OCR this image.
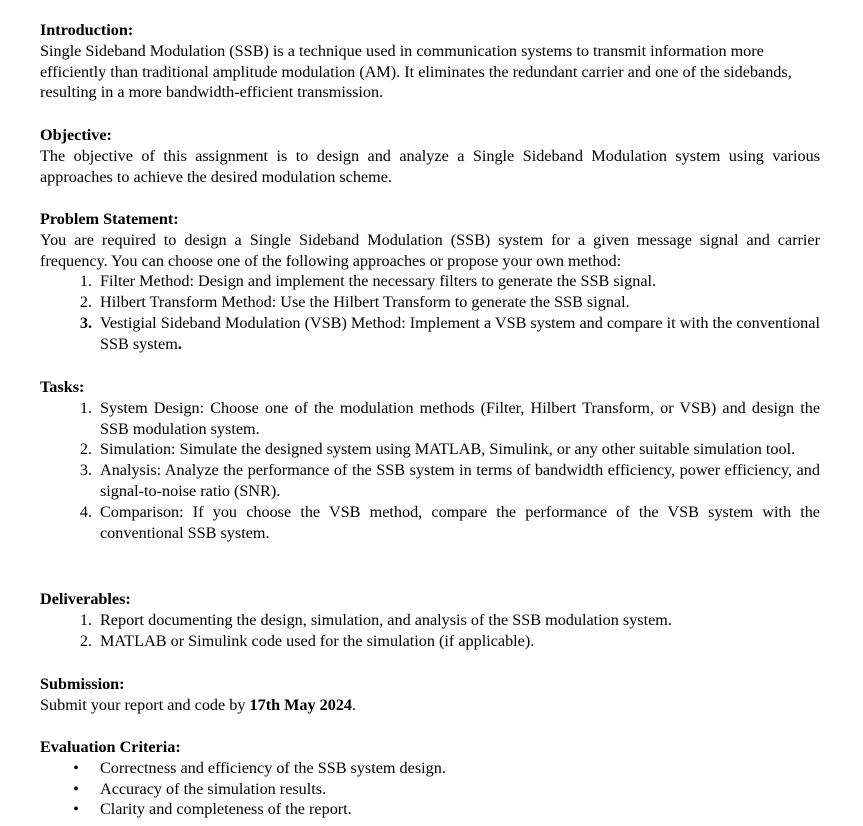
Introduction:

Single Sideband Modulation (SSB) is a technique used in communication systems to transmit information more efficiently than traditional amplitude modulation (AM). It eliminates the redundant carrier and one of the sidebands, resulting in a more bandwidth-efficient transmission.

Objective:

The objective of this assignment is to design and analyze a Single Sideband Modulation system using various approaches to achieve the desired modulation scheme.

Problem Statement:

You are required to design a Single Sideband Modulation (SSB) system for a given message signal and carrier frequency. You can choose one of the following approaches or propose your own method:

1. Filter Method: Design and implement the necessary filters to generate the SSB signal.
2. Hilbert Transform Method: Use the Hilbert Transform to generate the SSB signal.
3. Vestigial Sideband Modulation (VSB) Method: Implement a VSB system and compare it with the conventional SSB system.
Tasks:
1. System Design: Choose one of the modulation methods (Filter, Hilbert Transform, or VSB) and design the SSB modulation system.
2. Simulation: Simulate the designed system using MATLAB, Simulink, or any other suitable simulation tool.
3. Analysis: Analyze the performance of the SSB system in terms of bandwidth efficiency, power efficiency, and signal-to-noise ratio (SNR).
4. Comparison: If you choose the VSB method, compare the performance of the VSB system with the conventional SSB system.
Deliverables:
1. Report documenting the design, simulation, and analysis of the SSB modulation system.
2. MATLAB or Simulink code used for the simulation (if applicable).
Submission:

Submit your report and code by 17th May 2024.

Evaluation Criteria:
• Correctness and efficiency of the SSB system design.
• Accuracy of the simulation results.
• Clarity and completeness of the report.
